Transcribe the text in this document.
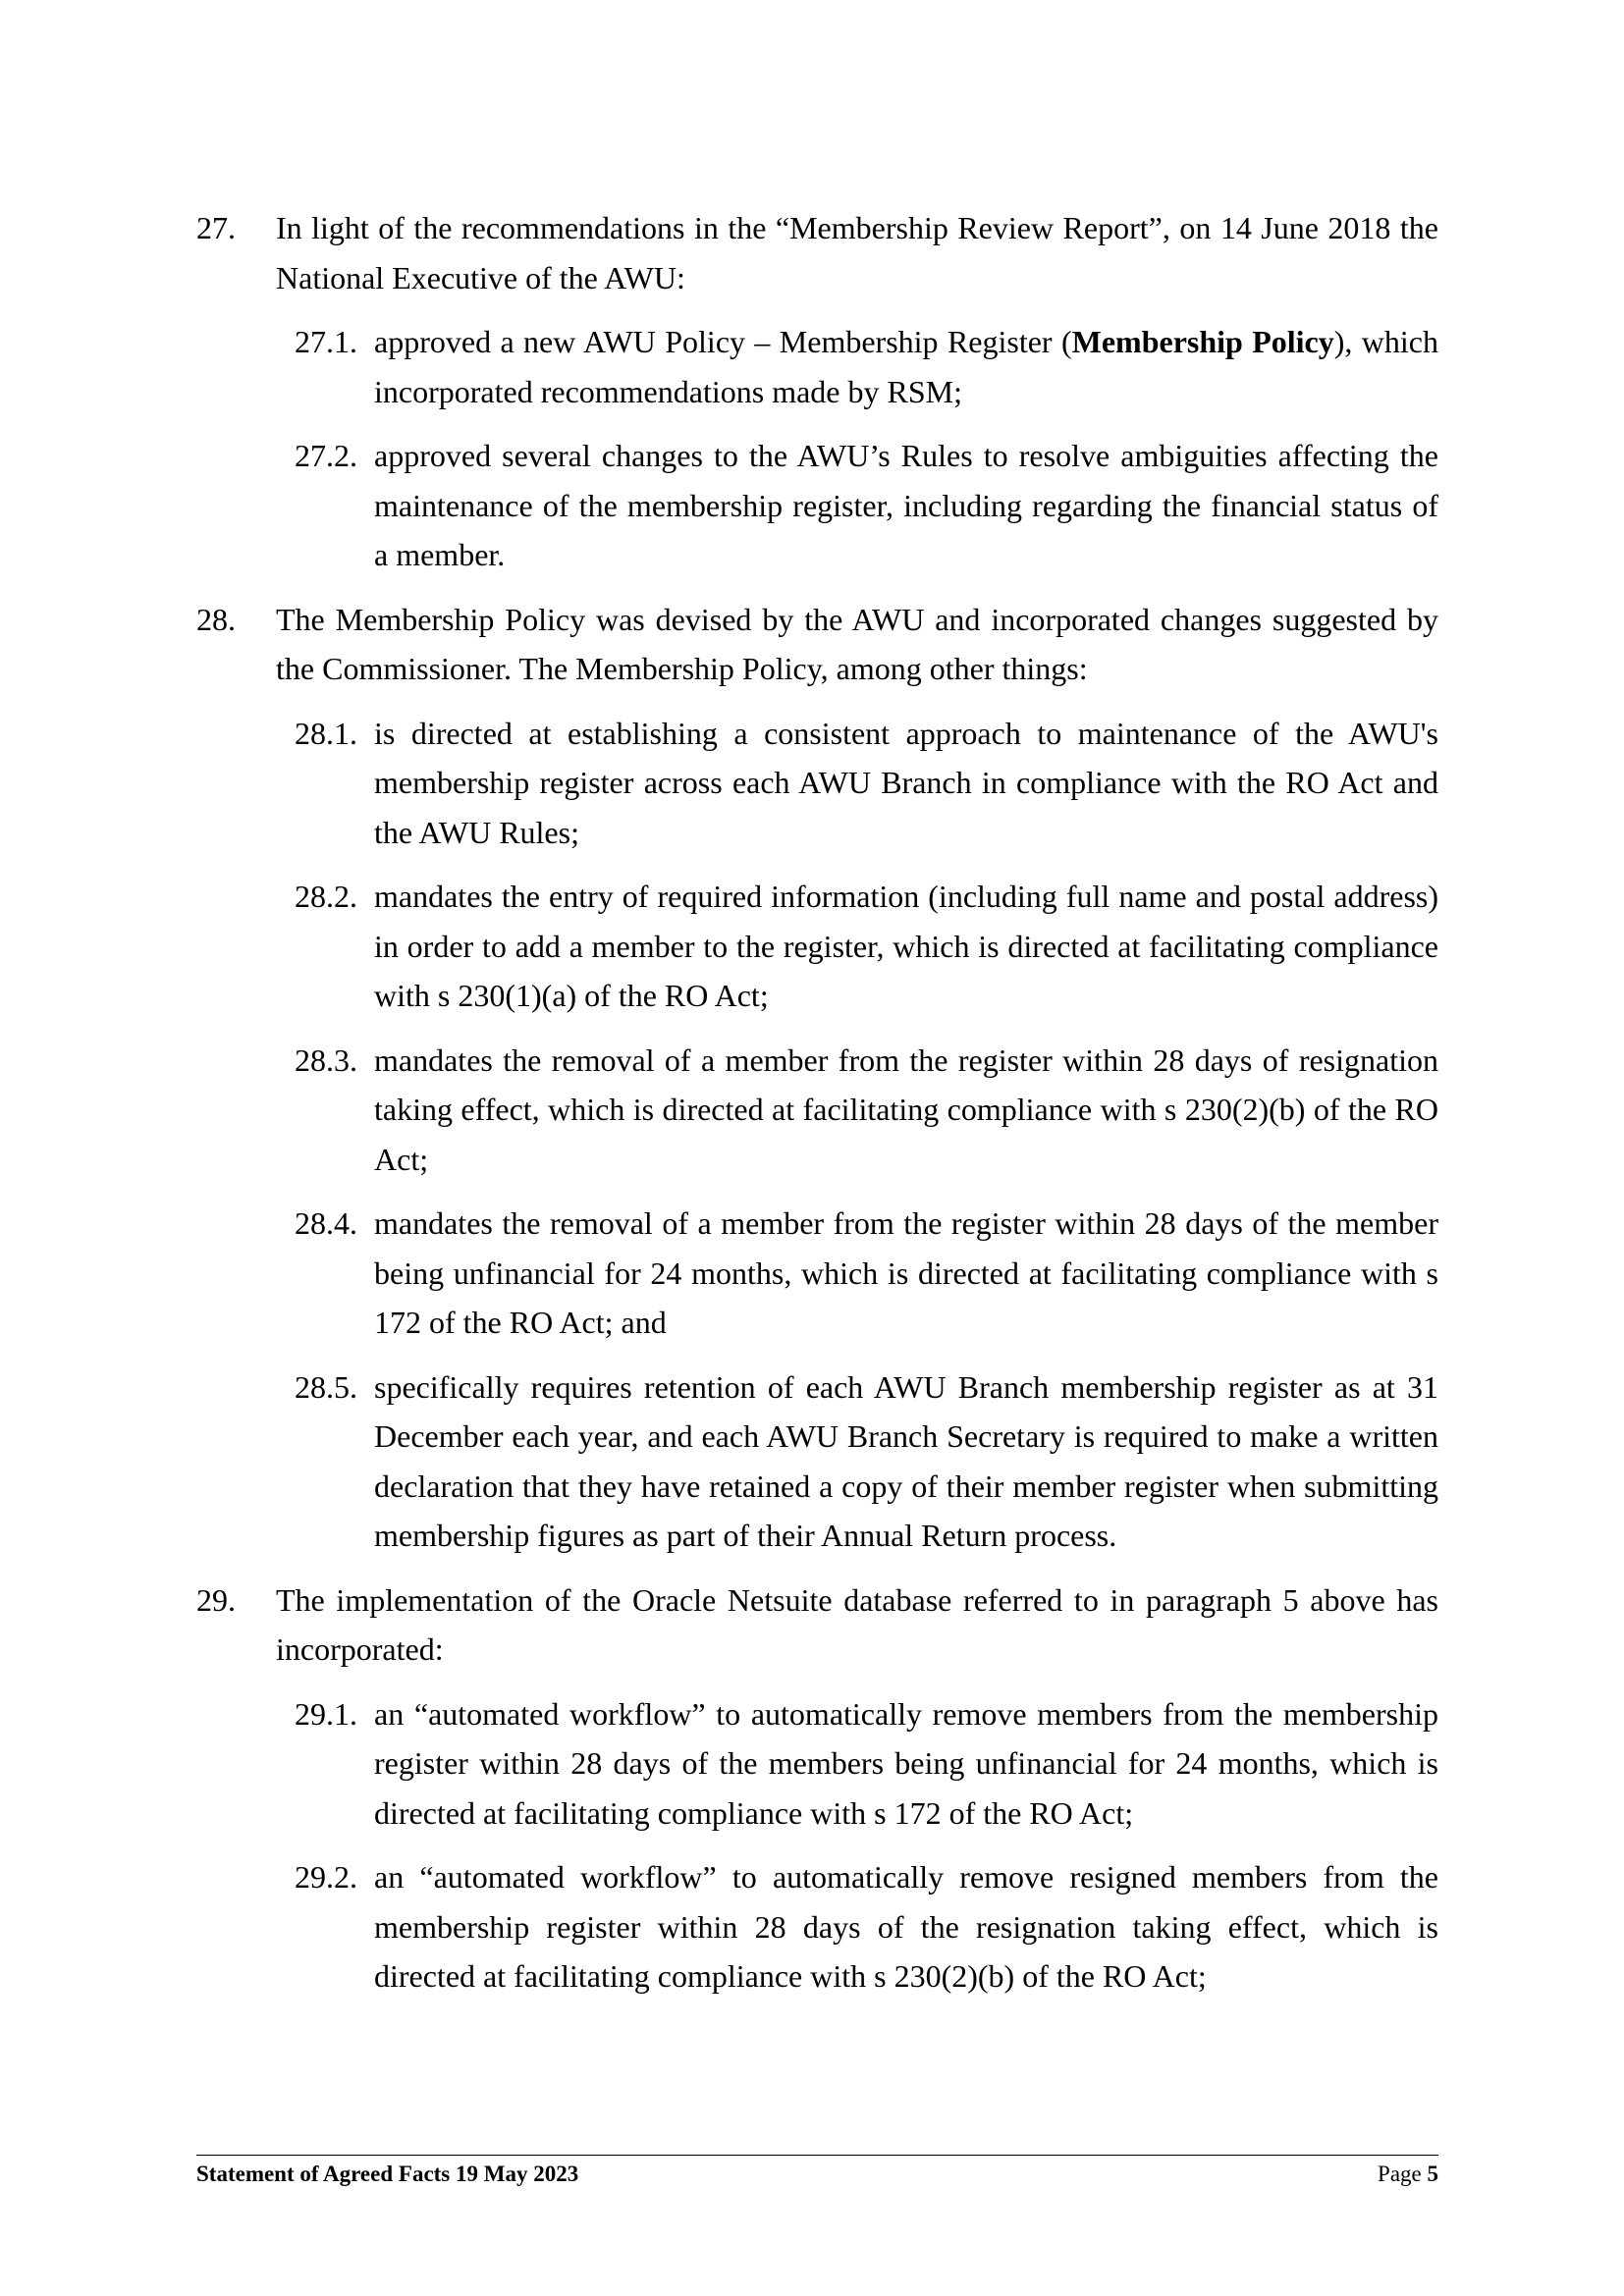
27. In light of the recommendations in the “Membership Review Report”, on 14 June 2018 the National Executive of the AWU:
27.1. approved a new AWU Policy – Membership Register (Membership Policy), which incorporated recommendations made by RSM;
27.2. approved several changes to the AWU’s Rules to resolve ambiguities affecting the maintenance of the membership register, including regarding the financial status of a member.
28. The Membership Policy was devised by the AWU and incorporated changes suggested by the Commissioner. The Membership Policy, among other things:
28.1. is directed at establishing a consistent approach to maintenance of the AWU's membership register across each AWU Branch in compliance with the RO Act and the AWU Rules;
28.2. mandates the entry of required information (including full name and postal address) in order to add a member to the register, which is directed at facilitating compliance with s 230(1)(a) of the RO Act;
28.3. mandates the removal of a member from the register within 28 days of resignation taking effect, which is directed at facilitating compliance with s 230(2)(b) of the RO Act;
28.4. mandates the removal of a member from the register within 28 days of the member being unfinancial for 24 months, which is directed at facilitating compliance with s 172 of the RO Act; and
28.5. specifically requires retention of each AWU Branch membership register as at 31 December each year, and each AWU Branch Secretary is required to make a written declaration that they have retained a copy of their member register when submitting membership figures as part of their Annual Return process.
29. The implementation of the Oracle Netsuite database referred to in paragraph 5 above has incorporated:
29.1. an “automated workflow” to automatically remove members from the membership register within 28 days of the members being unfinancial for 24 months, which is directed at facilitating compliance with s 172 of the RO Act;
29.2. an “automated workflow” to automatically remove resigned members from the membership register within 28 days of the resignation taking effect, which is directed at facilitating compliance with s 230(2)(b) of the RO Act;
Statement of Agreed Facts 19 May 2023	Page 5
